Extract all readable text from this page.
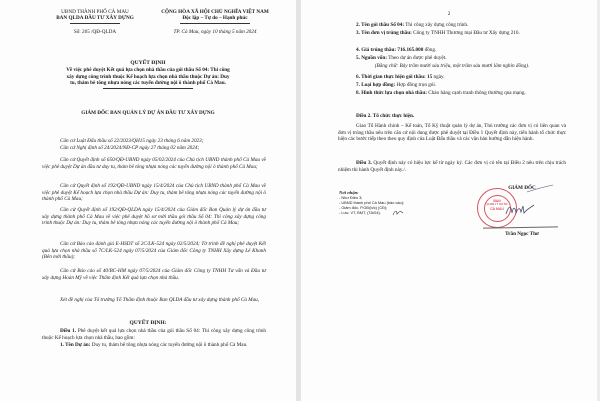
UBND THÀNH PHỐ CÀ MAU
BAN QLDA ĐẦU TƯ XÂY DỰNG
Số: 265 /QĐ-QLDA
CỘNG HÒA XÃ HỘI CHỦ NGHĨA VIỆT NAM
Độc lập – Tự do – Hạnh phúc
TP. Cà Mau, ngày 10 tháng 5 năm 2024
QUYẾT ĐỊNH
Về việc phê duyệt Kết quả lựa chọn nhà thầu của gói thầu Số 04: Thi công
xây dựng công trình thuộc Kế hoạch lựa chọn nhà thầu thuộc Dự án: Duy
tu, thảm bê tông nhựa nóng các tuyến đường nội ô thành phố Cà Mau.
GIÁM ĐỐC BAN QUẢN LÝ DỰ ÁN ĐẦU TƯ XÂY DỰNG
Căn cứ Luật Đấu thầu số 22/2023/QH15 ngày 23 tháng 6 năm 2023;
Căn cứ Nghị định số 24/2024/NĐ-CP ngày 27 tháng 02 năm 2024;
Căn cứ Quyết định số 650/QĐ-UBND ngày 05/02/2024 của Chủ tịch UBND thành phố Cà Mau về việc phê duyệt Dự án đầu tư duy tu, thảm bê tông nhựa nóng các tuyến đường nội ô thành phố Cà Mau;
Căn cứ Quyết định số 192/QĐ-UBND ngày 15/4/2024 của Chủ tịch UBND thành phố Cà Mau về việc phê duyệt Kế hoạch lựa chọn nhà thầu Dự án: Duy tu, thảm bê tông nhựa nóng các tuyến đường nội ô thành phố Cà Mau;
Căn cứ Quyết định số 192/QĐ-QLDA ngày 15/4/2024 của Giám đốc Ban Quản lý dự án đầu tư xây dựng thành phố Cà Mau về việc phê duyệt hồ sơ mời thầu gói thầu Số 04: Thi công xây dựng công trình thuộc Dự án: Duy tu, thảm bê tông nhựa nóng các tuyến đường nội ô thành phố Cà Mau;
Căn cứ Báo cáo đánh giá E-HSDT số 2C/LK-524 ngày 02/5/2024; Tờ trình đề nghị phê duyệt Kết quả lựa chọn nhà thầu số 7C/LK-524 ngày 07/5/2024 của Giám đốc Công ty TNHH Xây dựng Lê Khanh (Bên mời thầu);
Căn cứ Báo cáo số 40/BC-HM ngày 07/5/2024 của Giám đốc Công ty TNHH Tư vấn và Đầu tư xây dựng Hoàn Mỹ về việc Thẩm định Kết quả lựa chọn nhà thầu.
Xét đề nghị của Tổ trưởng Tổ Thẩm định thuộc Ban QLDA đầu tư xây dựng thành phố Cà Mau,
QUYẾT ĐỊNH:
Điều 1. Phê duyệt kết quả lựa chọn nhà thầu của gói thầu Số 04: Thi công xây dựng công trình thuộc Kế hoạch lựa chọn nhà thầu, bao gồm:
1. Tên Dự án: Duy tu, thảm bê tông nhựa nóng các tuyến đường nội ô thành phố Cà Mau.
2
2. Tên gói thầu Số 04: Thi công xây dựng công trình.
3. Tên đơn vị trúng thầu: Công ty TNHH Thương mại Đầu tư Xây dựng 216.
4. Giá trúng thầu: 716.165.000 đồng.
5. Nguồn vốn: Theo dự án được phê duyệt.
(Bằng chữ: Bảy trăm mười sáu triệu, một trăm sáu mươi lăm nghìn đồng).
6. Thời gian thực hiện gói thầu: 15 ngày.
7. Loại hợp đồng: Hợp đồng trọn gói.
8. Hình thức lựa chọn nhà thầu: Chào hàng cạnh tranh thông thường qua mạng.
Điều 2. Tổ chức thực hiện.
Giao Tổ Hành chính – Kế toán, Tổ Kỹ thuật quản lý dự án, Thủ trưởng các đơn vị có liên quan và đơn vị trúng thầu nêu trên căn cứ nội dung được phê duyệt tại Điều 1 Quyết định này, tiến hành tổ chức thực hiện các bước tiếp theo theo quy định của Luật Đấu thầu và các văn bản hướng dẫn hiện hành.
Điều 3. Quyết định này có hiệu lực kể từ ngày ký. Các đơn vị có tên tại Điều 2 nêu trên chịu trách nhiệm thi hành Quyết định này./.
Nơi nhận:
- Như Điều 3;
- UBND thành phố Cà Mau (báo cáo);
- Giám đốc, P.GĐ(b/c) (CĐ);
- Lưu: VT, BMT, (TA/04).
GIÁM ĐỐC
Trần Ngọc Thơ
BAN
QUẢN LÝ DỰ ÁN
CÀ MAU
